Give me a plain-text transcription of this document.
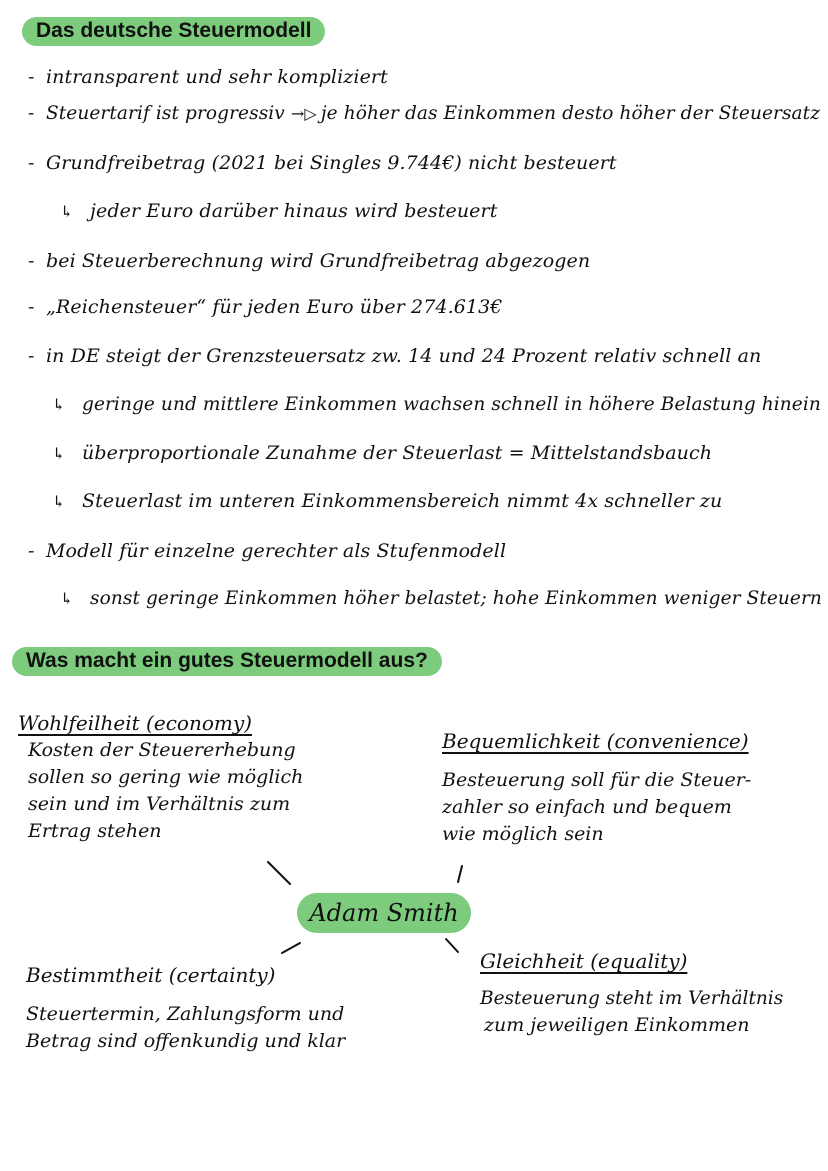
Das deutsche Steuermodell
- intransparent und sehr kompliziert
- Steuertarif ist progressiv →▷ je höher das Einkommen desto höher der Steuersatz
- Grundfreibetrag (2021 bei Singles 9.744€) nicht besteuert
↳ jeder Euro darüber hinaus wird besteuert
- bei Steuerberechnung wird Grundfreibetrag abgezogen
- „Reichensteuer“ für jeden Euro über 274.613€
- in DE steigt der Grenzsteuersatz zw. 14 und 24 Prozent relativ schnell an
↳ geringe und mittlere Einkommen wachsen schnell in höhere Belastung hinein
↳ überproportionale Zunahme der Steuerlast = Mittelstandsbauch
↳ Steuerlast im unteren Einkommensbereich nimmt 4x schneller zu
- Modell für einzelne gerechter als Stufenmodell
↳ sonst geringe Einkommen höher belastet; hohe Einkommen weniger Steuern
Was macht ein gutes Steuermodell aus?
Adam Smith
Wohlfeilheit (economy)
Kosten der Steuererhebung
sollen so gering wie möglich
sein und im Verhältnis zum
Ertrag stehen
Bequemlichkeit (convenience)
Besteuerung soll für die Steuer-
zahler so einfach und bequem
wie möglich sein
Bestimmtheit (certainty)
Steuertermin, Zahlungsform und
Betrag sind offenkundig und klar
Gleichheit (equality)
Besteuerung steht im Verhältnis
zum jeweiligen Einkommen
